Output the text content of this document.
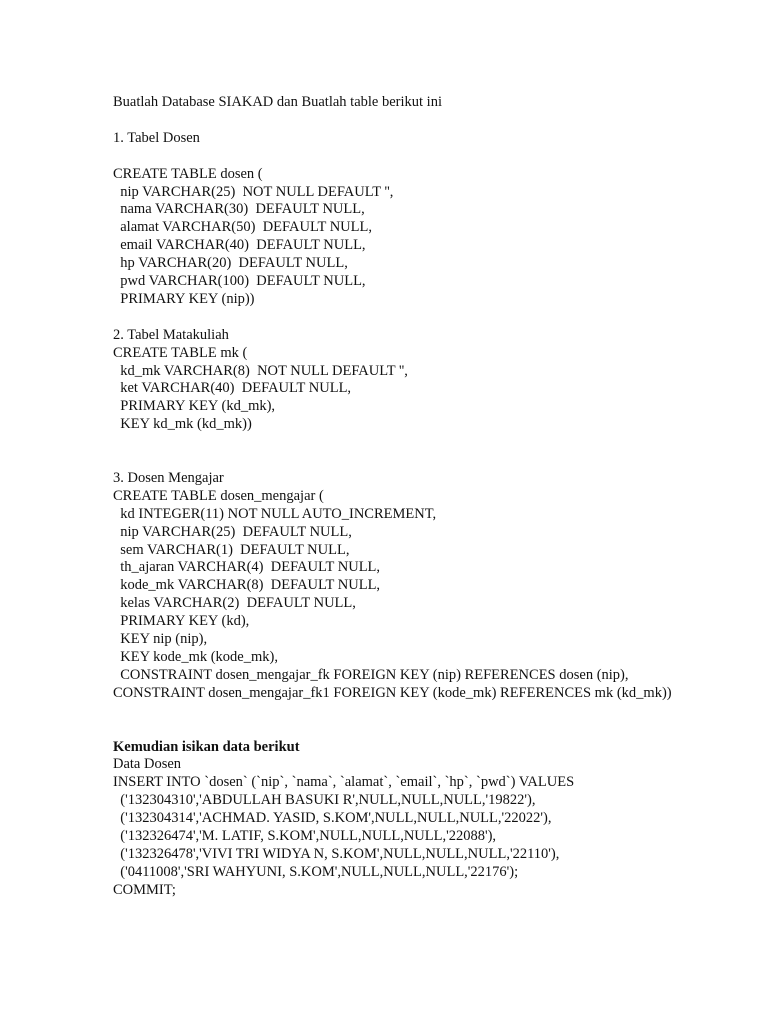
Buatlah Database SIAKAD dan Buatlah table berikut ini
1. Tabel Dosen
CREATE TABLE dosen (
nip VARCHAR(25)  NOT NULL DEFAULT '',
nama VARCHAR(30)  DEFAULT NULL,
alamat VARCHAR(50)  DEFAULT NULL,
email VARCHAR(40)  DEFAULT NULL,
hp VARCHAR(20)  DEFAULT NULL,
pwd VARCHAR(100)  DEFAULT NULL,
PRIMARY KEY (nip))
2. Tabel Matakuliah
CREATE TABLE mk (
kd_mk VARCHAR(8)  NOT NULL DEFAULT '',
ket VARCHAR(40)  DEFAULT NULL,
PRIMARY KEY (kd_mk),
KEY kd_mk (kd_mk))
3. Dosen Mengajar
CREATE TABLE dosen_mengajar (
kd INTEGER(11) NOT NULL AUTO_INCREMENT,
nip VARCHAR(25)  DEFAULT NULL,
sem VARCHAR(1)  DEFAULT NULL,
th_ajaran VARCHAR(4)  DEFAULT NULL,
kode_mk VARCHAR(8)  DEFAULT NULL,
kelas VARCHAR(2)  DEFAULT NULL,
PRIMARY KEY (kd),
KEY nip (nip),
KEY kode_mk (kode_mk),
CONSTRAINT dosen_mengajar_fk FOREIGN KEY (nip) REFERENCES dosen (nip),
CONSTRAINT dosen_mengajar_fk1 FOREIGN KEY (kode_mk) REFERENCES mk (kd_mk))
Kemudian isikan data berikut
Data Dosen
INSERT INTO `dosen` (`nip`, `nama`, `alamat`, `email`, `hp`, `pwd`) VALUES
('132304310','ABDULLAH BASUKI R',NULL,NULL,NULL,'19822'),
('132304314','ACHMAD. YASID, S.KOM',NULL,NULL,NULL,'22022'),
('132326474','M. LATIF, S.KOM',NULL,NULL,NULL,'22088'),
('132326478','VIVI TRI WIDYA N, S.KOM',NULL,NULL,NULL,'22110'),
('0411008','SRI WAHYUNI, S.KOM',NULL,NULL,NULL,'22176');
COMMIT;
